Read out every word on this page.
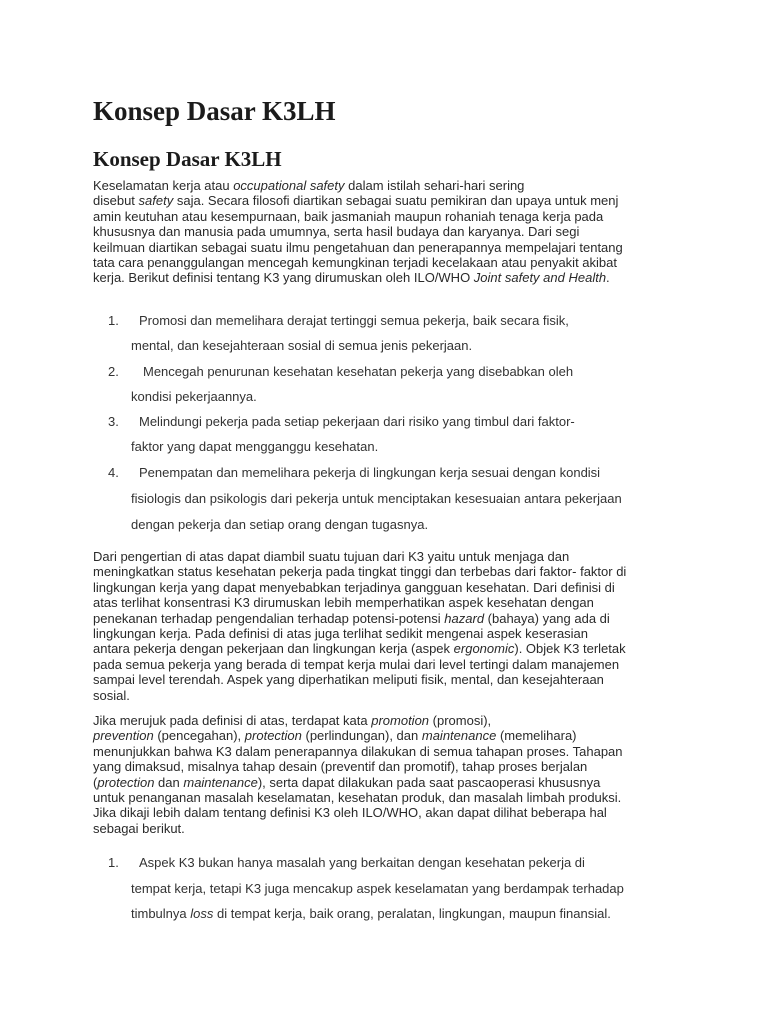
Konsep Dasar K3LH
Konsep Dasar K3LH
Keselamatan kerja atau occupational safety dalam istilah sehari-hari sering
disebut safety saja. Secara filosofi diartikan sebagai suatu pemikiran dan upaya untuk menj
amin keutuhan atau kesempurnaan, baik jasmaniah maupun rohaniah tenaga kerja pada
khususnya dan manusia pada umumnya, serta hasil budaya dan karyanya. Dari segi
keilmuan diartikan sebagai suatu ilmu pengetahuan dan penerapannya mempelajari tentang
tata cara penanggulangan mencegah kemungkinan terjadi kecelakaan atau penyakit akibat
kerja. Berikut definisi tentang K3 yang dirumuskan oleh ILO/WHO Joint safety and Health.
1. Promosi dan memelihara derajat tertinggi semua pekerja, baik secara fisik,
mental, dan kesejahteraan sosial di semua jenis pekerjaan.
2. Mencegah penurunan kesehatan kesehatan pekerja yang disebabkan oleh
kondisi pekerjaannya.
3. Melindungi pekerja pada setiap pekerjaan dari risiko yang timbul dari faktor-
faktor yang dapat mengganggu kesehatan.
4. Penempatan dan memelihara pekerja di lingkungan kerja sesuai dengan kondisi
fisiologis dan psikologis dari pekerja untuk menciptakan kesesuaian antara pekerjaan
dengan pekerja dan setiap orang dengan tugasnya.
Dari pengertian di atas dapat diambil suatu tujuan dari K3 yaitu untuk menjaga dan
meningkatkan status kesehatan pekerja pada tingkat tinggi dan terbebas dari faktor- faktor di
lingkungan kerja yang dapat menyebabkan terjadinya gangguan kesehatan. Dari definisi di
atas terlihat konsentrasi K3 dirumuskan lebih memperhatikan aspek kesehatan dengan
penekanan terhadap pengendalian terhadap potensi-potensi hazard (bahaya) yang ada di
lingkungan kerja. Pada definisi di atas juga terlihat sedikit mengenai aspek keserasian
antara pekerja dengan pekerjaan dan lingkungan kerja (aspek ergonomic). Objek K3 terletak
pada semua pekerja yang berada di tempat kerja mulai dari level tertingi dalam manajemen
sampai level terendah. Aspek yang diperhatikan meliputi fisik, mental, dan kesejahteraan
sosial.
Jika merujuk pada definisi di atas, terdapat kata promotion (promosi),
prevention (pencegahan), protection (perlindungan), dan maintenance (memelihara)
menunjukkan bahwa K3 dalam penerapannya dilakukan di semua tahapan proses. Tahapan
yang dimaksud, misalnya tahap desain (preventif dan promotif), tahap proses berjalan
(protection dan maintenance), serta dapat dilakukan pada saat pascaoperasi khususnya
untuk penanganan masalah keselamatan, kesehatan produk, dan masalah limbah produksi.
Jika dikaji lebih dalam tentang definisi K3 oleh ILO/WHO, akan dapat dilihat beberapa hal
sebagai berikut.
1. Aspek K3 bukan hanya masalah yang berkaitan dengan kesehatan pekerja di
tempat kerja, tetapi K3 juga mencakup aspek keselamatan yang berdampak terhadap
timbulnya loss di tempat kerja, baik orang, peralatan, lingkungan, maupun finansial.
